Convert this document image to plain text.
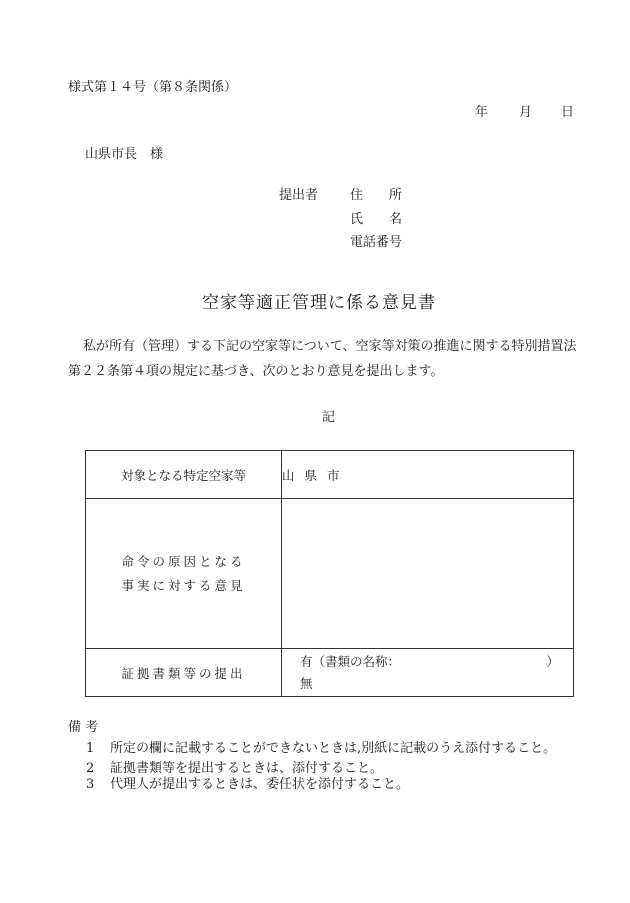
様式第１４号（第８条関係）
年 月 日
山県市長　様
提出者 住　　所
氏　　名
電話番号
空家等適正管理に係る意見書
私が所有（管理）する下記の空家等について、空家等対策の推進に関する特別措置法第２２条第４項の規定に基づき、次のとおり意見を提出します。
記
対象となる特定空家等	山 県 市

命令の原因となる
事実に対する意見	

証拠書類等の提出	有（書類の名称： ）
無
備 考
1	所定の欄に記載することができないときは,別紙に記載のうえ添付すること。
2	証拠書類等を提出するときは、添付すること。
3	代理人が提出するときは、委任状を添付すること。
